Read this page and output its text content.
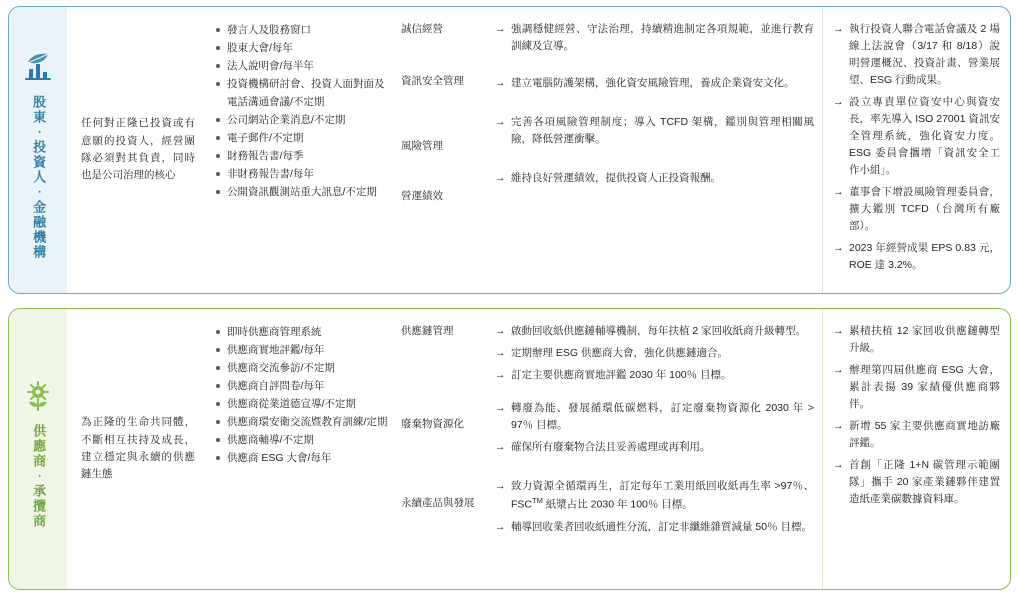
股東‧投資人‧金融機構	任何對正隆已投資或有意願的投資人，經營團隊必須對其負責，同時也是公司治理的核心

發言人及股務窗口
股東大會/每年
法人說明會/每半年
投資機構研討會、投資人面對面及電話溝通會議/不定期
公司網站企業消息/不定期
電子郵件/不定期
財務報告書/每季
非財務報告書/每年
公開資訊觀測站重大訊息/不定期
誠信經營
資訊安全管理
風險管理
營運績效
→ 強調穩健經營、守法治理，持續精進制定各項規範，並進行教育訓練及宣導。
→ 建立電腦防護架構，強化資安風險管理，養成企業資安文化。
→ 完善各項風險管理制度；導入 TCFD 架構，鑑別與管理相關風險，降低營運衝擊。
→ 維持良好營運績效，提供投資人正投資報酬。
→ 執行投資人聯合電話會議及 2 場線上法說會（3/17 和 8/18）說明營運概況、投資計畫、營業展望、ESG 行動成果。
→ 設立專責單位資安中心與資安長，率先導入 ISO 27001 資訊安全管理系統，強化資安力度。ESG 委員會攜增「資訊安全工作小組」。
→ 董事會下增設風險管理委員會，擴大鑑別 TCFD（台灣所有廠部）。
→ 2023 年經營成果 EPS 0.83 元，ROE 達 3.2%。
供應商‧承攬商

為正隆的生命共同體，不斷相互扶持及成長，建立穩定與永續的供應鏈生態

即時供應商管理系統
供應商實地評鑑/每年
供應商交流參訪/不定期
供應商自評問卷/每年
供應商從業道德宣導/不定期
供應商環安衛交流暨教育訓練/定期
供應商輔導/不定期
供應商 ESG 大會/每年
供應鏈管理
廢棄物資源化
永續產品與發展
→ 啟動回收紙供應鏈輔導機制，每年扶植 2 家回收紙商升級轉型。
→ 定期辦理 ESG 供應商大會，強化供應鏈適合。
→ 訂定主要供應商實地評鑑 2030 年 100％ 目標。
→ 轉廢為能、發展循環低碳燃料，訂定廢棄物資源化 2030 年 > 97％ 目標。
→ 確保所有廢棄物合法且妥善處理或再利用。
→ 致力資源全循環再生，訂定每年工業用紙回收紙再生率 >97％、FSC™ 紙漿占比 2030 年 100％ 目標。
→ 輔導回收業者回收紙適性分流，訂定非纖維雜質減量 50％ 目標。
→ 累積扶植 12 家回收供應鏈轉型升級。
→ 辦理第四屆供應商 ESG 大會，累計表揚 39 家績優供應商夥伴。
→ 新增 55 家主要供應商實地訪廠評鑑。
→ 首創「正隆 1+N 碳管理示範團隊」攜手 20 家產業鏈夥伴建置造紙產業碳數據資料庫。
